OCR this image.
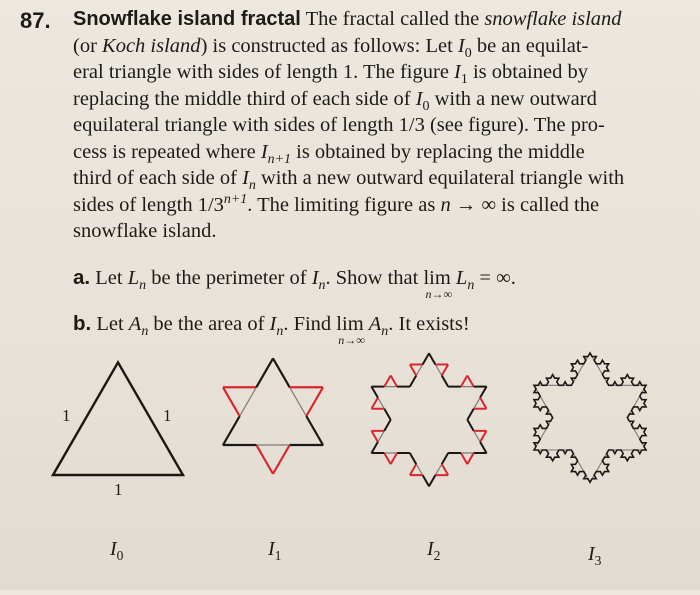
87. Snowflake island fractal The fractal called the snowflake island
(or Koch island) is constructed as follows: Let $I_0$ be an equilat-
eral triangle with sides of length 1. The figure $I_1$ is obtained by
replacing the middle third of each side of $I_0$ with a new outward
equilateral triangle with sides of length 1/3 (see figure). The pro-
cess is repeated where $I_{n+1}$ is obtained by replacing the middle
third of each side of $I_n$ with a new outward equilateral triangle with
sides of length $1/3^{n+1}$. The limiting figure as n → ∞ is called the
snowflake island.
a. Let $L_n$ be the perimeter of $I_n$. Show that lim
n→∞
$L_n$ = ∞.
b. Let $A_n$ be the area of $I_n$. Find lim
n→∞
$A_n$. It exists!
1	1
1
$I_0$	$I_1$	$I_2$	$I_3$
